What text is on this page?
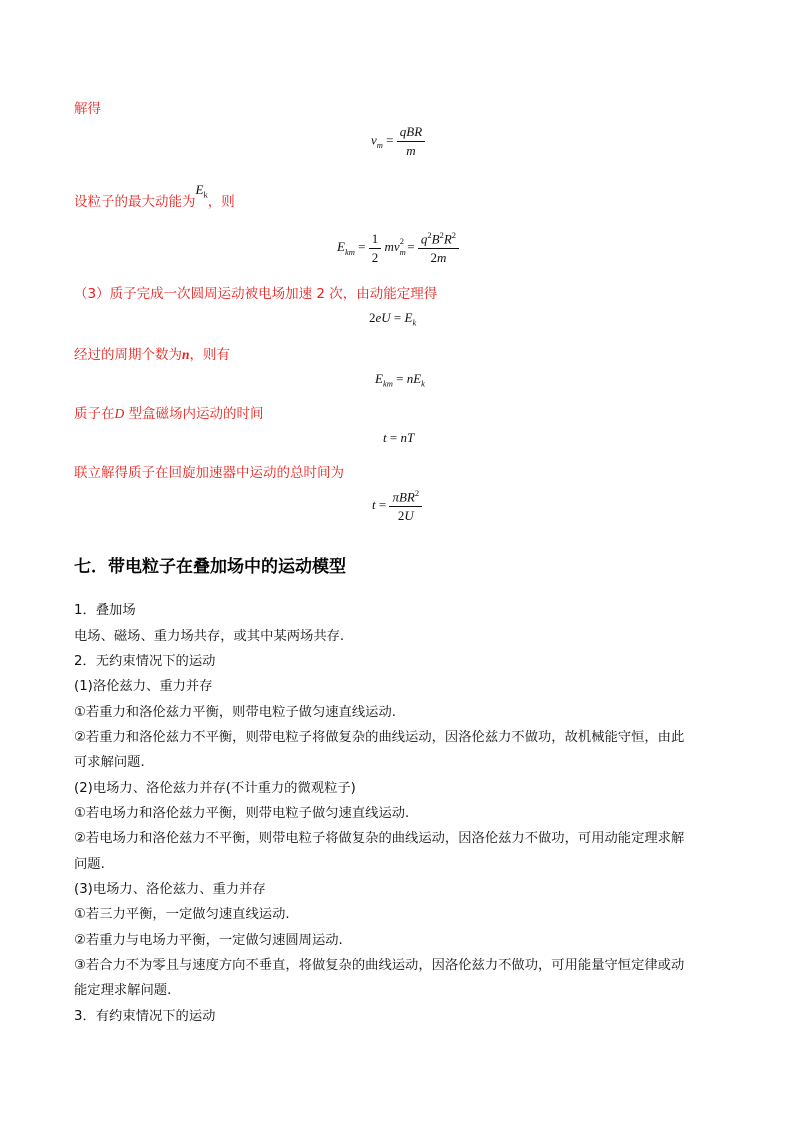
解得
$v_m = \frac{\text{qBR}}{m}$
设粒子的最大动能为$E_k$，则
$E_{km} = \frac{1}{2} mv_m^2 = \frac{q^2B^2R^2}{2m}$
（3）质子完成一次圆周运动被电场加速 2 次，由动能定理得
$2eU = E_k$
经过的周期个数为n，则有
$E_{km} = nE_k$
质子在D 型盒磁场内运动的时间
t = nT
联立解得质子在回旋加速器中运动的总时间为
$t = \frac{\pi BR^2}{2U}$
七．带电粒子在叠加场中的运动模型
1．叠加场
电场、磁场、重力场共存，或其中某两场共存.
2．无约束情况下的运动
(1)洛伦兹力、重力并存
①若重力和洛伦兹力平衡，则带电粒子做匀速直线运动.
②若重力和洛伦兹力不平衡，则带电粒子将做复杂的曲线运动，因洛伦兹力不做功，故机械能守恒，由此
可求解问题.
(2)电场力、洛伦兹力并存(不计重力的微观粒子)
①若电场力和洛伦兹力平衡，则带电粒子做匀速直线运动.
②若电场力和洛伦兹力不平衡，则带电粒子将做复杂的曲线运动，因洛伦兹力不做功，可用动能定理求解
问题.
(3)电场力、洛伦兹力、重力并存
①若三力平衡，一定做匀速直线运动.
②若重力与电场力平衡，一定做匀速圆周运动.
③若合力不为零且与速度方向不垂直，将做复杂的曲线运动，因洛伦兹力不做功，可用能量守恒定律或动
能定理求解问题.
3．有约束情况下的运动
